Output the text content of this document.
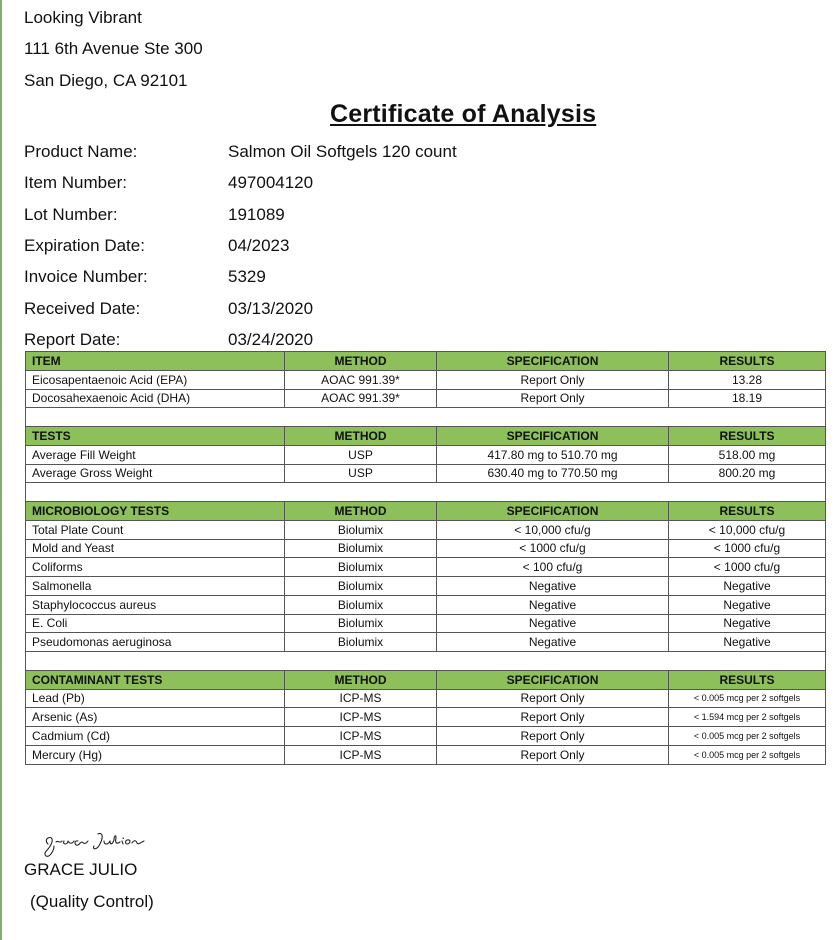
Looking Vibrant
111 6th Avenue Ste 300
San Diego, CA 92101
Certificate of Analysis
Product Name:	Salmon Oil Softgels 120 count
Item Number:	497004120
Lot Number:	191089
Expiration Date:	04/2023
Invoice Number:	5329
Received Date:	03/13/2020
Report Date:	03/24/2020
ITEM	METHOD	SPECIFICATION	RESULTS
Eicosapentaenoic Acid (EPA)	AOAC 991.39*	Report Only	13.28
Docosahexaenoic Acid (DHA)	AOAC 991.39*	Report Only	18.19

TESTS	METHOD	SPECIFICATION	RESULTS
Average Fill Weight	USP	417.80 mg to 510.70 mg	518.00 mg
Average Gross Weight	USP	630.40 mg to 770.50 mg	800.20 mg

MICROBIOLOGY TESTS	METHOD	SPECIFICATION	RESULTS
Total Plate Count	Biolumix	< 10,000 cfu/g	< 10,000 cfu/g
Mold and Yeast	Biolumix	< 1000 cfu/g	< 1000 cfu/g
Coliforms	Biolumix	< 100 cfu/g	< 1000 cfu/g
Salmonella	Biolumix	Negative	Negative
Staphylococcus aureus	Biolumix	Negative	Negative
E. Coli	Biolumix	Negative	Negative
Pseudomonas aeruginosa	Biolumix	Negative	Negative

CONTAMINANT TESTS	METHOD	SPECIFICATION	RESULTS
Lead (Pb)	ICP-MS	Report Only	< 0.005 mcg per 2 softgels
Arsenic (As)	ICP-MS	Report Only	< 1.594 mcg per 2 softgels
Cadmium (Cd)	ICP-MS	Report Only	< 0.005 mcg per 2 softgels
Mercury (Hg)	ICP-MS	Report Only	< 0.005 mcg per 2 softgels
GRACE JULIO
(Quality Control)
